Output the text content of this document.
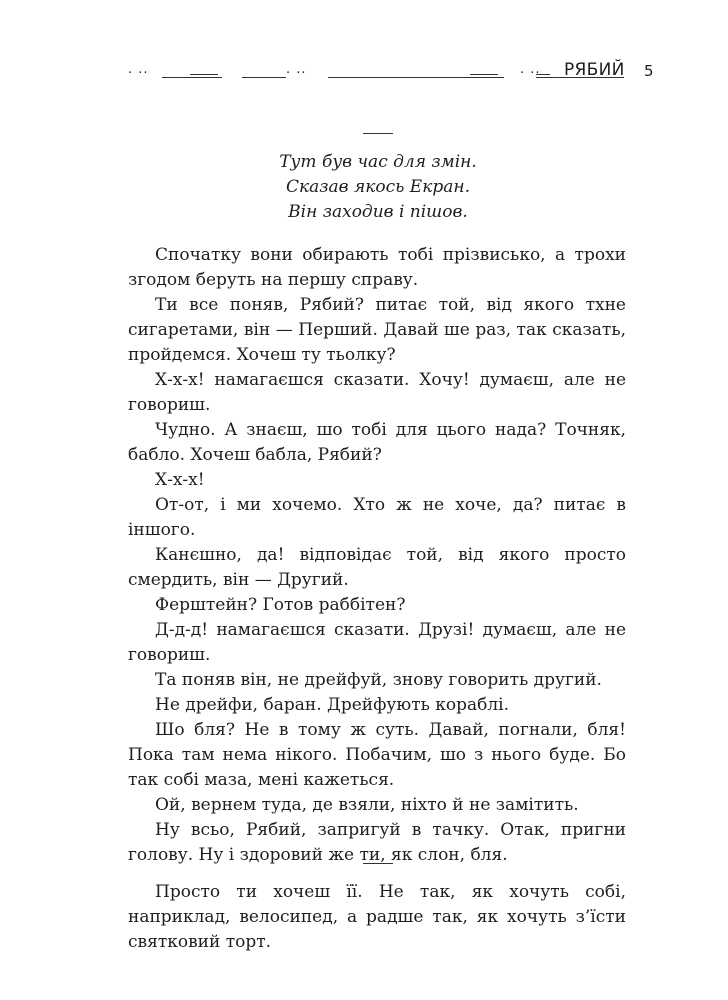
. ..	. ..	. .. РЯБИЙ 5
Тут був час для змін.
Сказав якось Екран.
Він заходив і пішов.

Спочатку вони обирають тобі прізвисько, а трохи згодом беруть на першу справу.

Ти все поняв, Рябий? питає той, від якого тхне сигаретами, він — Перший. Давай ше раз, так сказать, пройдемся. Хочеш ту тьолку?

Х-х-х! намагаєшся сказати. Хочу! думаєш, але не говориш.

Чудно. А знаєш, шо тобі для цього нада? Точняк, бабло. Хочеш бабла, Рябий?

Х-х-х!

От-от, і ми хочемо. Хто ж не хоче, да? питає в іншого.

Канєшно, да! відповідає той, від якого просто смердить, він — Другий.

Ферштейн? Готов раббітен?

Д-д-д! намагаєшся сказати. Друзі! думаєш, але не говориш.

Та поняв він, не дрейфуй, знову говорить другий.

Не дрейфи, баран. Дрейфують кораблі.

Шо бля? Не в тому ж суть. Давай, погнали, бля! Пока там нема нікого. Побачим, шо з нього буде. Бо так собі маза, мені кажеться.

Ой, вернем туда, де взяли, ніхто й не замітить.

Ну всьо, Рябий, запригуй в тачку. Отак, пригни голову. Ну і здоровий же ти, як слон, бля.

Просто ти хочеш її. Не так, як хочуть собі, наприклад, велосипед, а радше так, як хочуть з’їсти святковий торт.
